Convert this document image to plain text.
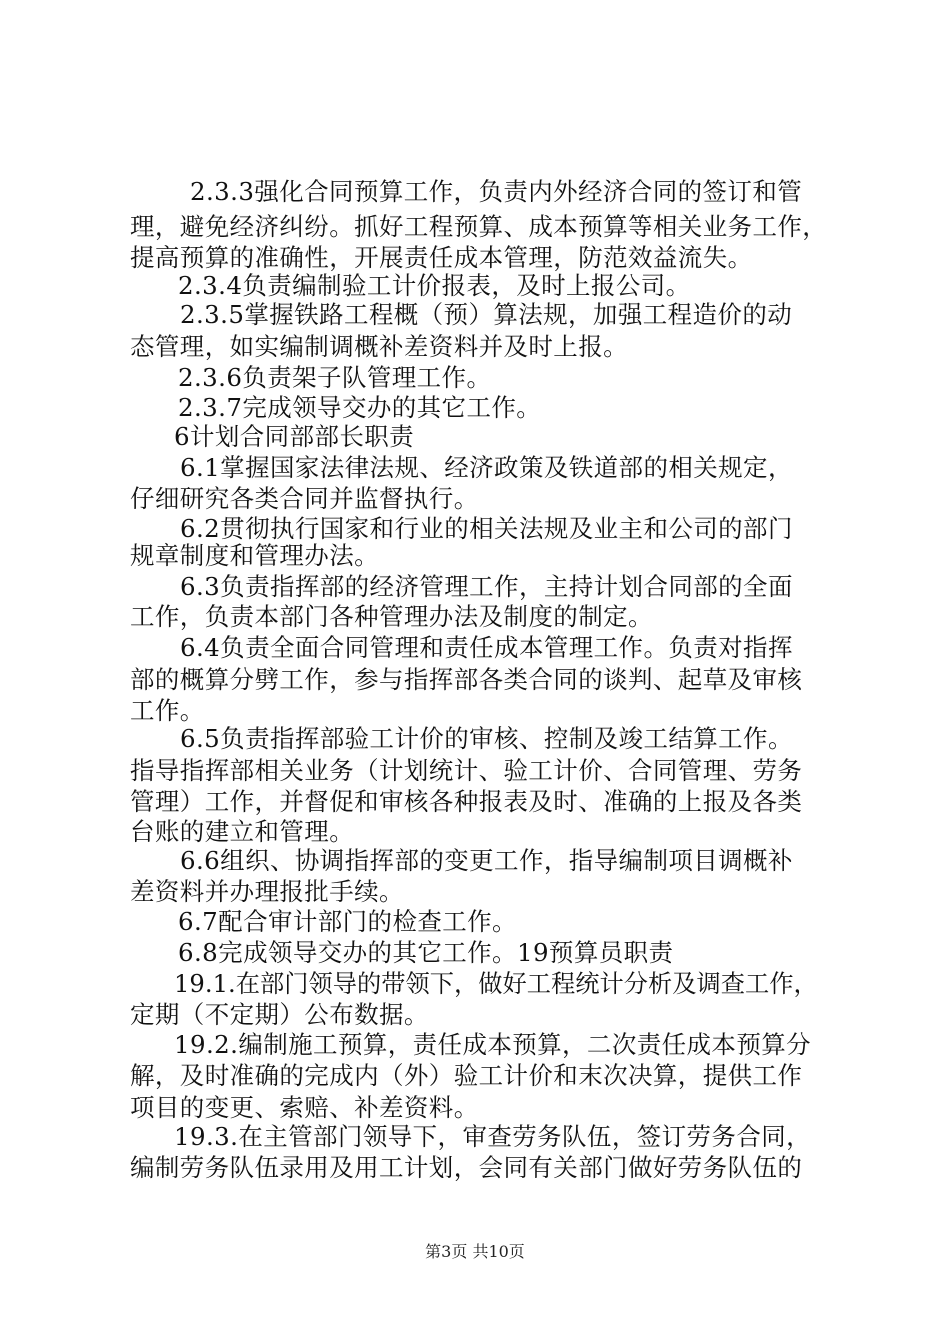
2.3.3强化合同预算工作，负责内外经济合同的签订和管
理，避免经济纠纷。抓好工程预算、成本预算等相关业务工作，
提高预算的准确性，开展责任成本管理，防范效益流失。
2.3.4负责编制验工计价报表，及时上报公司。
2.3.5掌握铁路工程概（预）算法规，加强工程造价的动
态管理，如实编制调概补差资料并及时上报。
2.3.6负责架子队管理工作。
2.3.7完成领导交办的其它工作。
6计划合同部部长职责
6.1掌握国家法律法规、经济政策及铁道部的相关规定，
仔细研究各类合同并监督执行。
6.2贯彻执行国家和行业的相关法规及业主和公司的部门
规章制度和管理办法。
6.3负责指挥部的经济管理工作，主持计划合同部的全面
工作，负责本部门各种管理办法及制度的制定。
6.4负责全面合同管理和责任成本管理工作。负责对指挥
部的概算分劈工作，参与指挥部各类合同的谈判、起草及审核
工作。
6.5负责指挥部验工计价的审核、控制及竣工结算工作。
指导指挥部相关业务（计划统计、验工计价、合同管理、劳务
管理）工作，并督促和审核各种报表及时、准确的上报及各类
台账的建立和管理。
6.6组织、协调指挥部的变更工作，指导编制项目调概补
差资料并办理报批手续。
6.7配合审计部门的检查工作。
6.8完成领导交办的其它工作。19预算员职责
19.1.在部门领导的带领下，做好工程统计分析及调查工作，
定期（不定期）公布数据。
19.2.编制施工预算，责任成本预算，二次责任成本预算分
解，及时准确的完成内（外）验工计价和末次决算，提供工作
项目的变更、索赔、补差资料。
19.3.在主管部门领导下，审查劳务队伍，签订劳务合同，
编制劳务队伍录用及用工计划，会同有关部门做好劳务队伍的
第3页 共10页
